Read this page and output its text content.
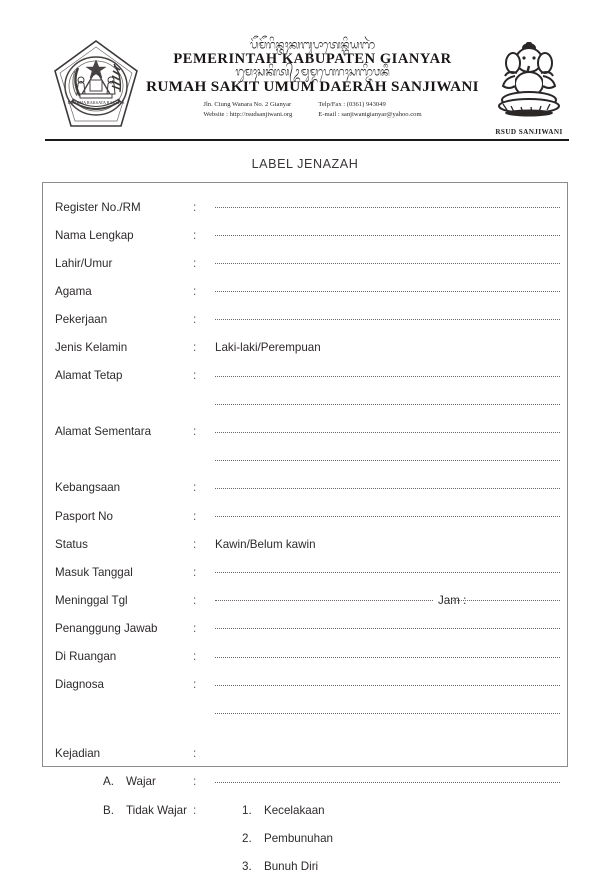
DHARMA RAKSATA RAKSITA
ᬧᭂᬫᭂᬭᬶᬦ᭄ᬢᬄᬓᬩᬸᬧᬵᬢᬾᬦ᭄ᬕᬶᬬᬜᬃ
PEMERINTAH KABUPATEN GIANYAR
ᬭᬸᬫᬄᬲᬓᬶᬢ᭄ᬉᬫᬸᬫ᭄ᬤᬳᬾᬭᬄᬲᬜ᭄ᬚᬶᬯᬦᬷ
RUMAH SAKIT UMUM DAERAH SANJIWANI
Jln. Ciung Wanara No. 2 Gianyar
Website : http://rsudsanjiwani.org
Telp/Fax : (0361) 943049
E-mail : sanjiwanigianyar@yahoo.com
RSUD SANJIWANI
LABEL JENAZAH
Register No./RM	:
Nama Lengkap	:
Lahir/Umur	:
Agama	:
Pekerjaan	:
Jenis Kelamin	: Laki-laki/Perempuan
Alamat Tetap	:
Alamat Sementara	:
Kebangsaan	:
Pasport No	:
Status	: Kawin/Belum kawin
Masuk Tanggal	:
Meninggal Tgl	:	Jam :
Penanggung Jawab	:
Di Ruangan	:
Diagnosa	:
Kejadian	:
A. Wajar	:
B. Tidak Wajar :	1. Kecelakaan
2. Pembunuhan
3. Bunuh Diri
